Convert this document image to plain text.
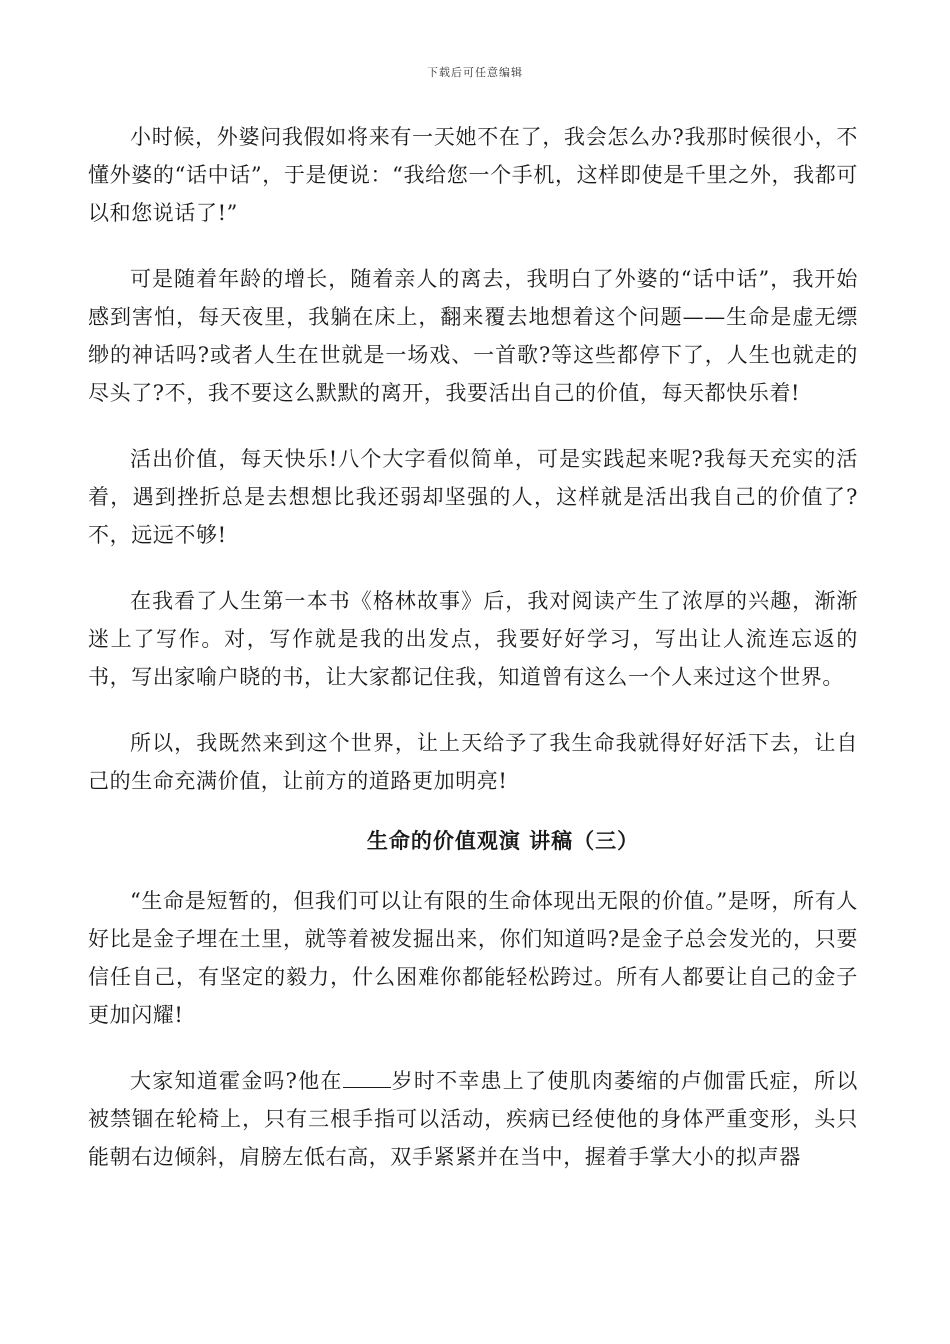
下载后可任意编辑

小时候，外婆问我假如将来有一天她不在了，我会怎么办?我那时候很小，不懂外婆的“话中话”，于是便说：“我给您一个手机，这样即使是千里之外，我都可以和您说话了!”

可是随着年龄的增长，随着亲人的离去，我明白了外婆的“话中话”，我开始感到害怕，每天夜里，我躺在床上，翻来覆去地想着这个问题——生命是虚无缥缈的神话吗?或者人生在世就是一场戏、一首歌?等这些都停下了，人生也就走的尽头了?不，我不要这么默默的离开，我要活出自己的价值，每天都快乐着!

活出价值，每天快乐!八个大字看似简单，可是实践起来呢?我每天充实的活着，遇到挫折总是去想想比我还弱却坚强的人，这样就是活出我自己的价值了?不，远远不够!

在我看了人生第一本书《格林故事》后，我对阅读产生了浓厚的兴趣，渐渐迷上了写作。对，写作就是我的出发点，我要好好学习，写出让人流连忘返的书，写出家喻户晓的书，让大家都记住我，知道曾有这么一个人来过这个世界。

所以，我既然来到这个世界，让上天给予了我生命我就得好好活下去，让自己的生命充满价值，让前方的道路更加明亮!

生命的价值观演 讲稿（三）

“生命是短暂的，但我们可以让有限的生命体现出无限的价值。”是呀，所有人好比是金子埋在土里，就等着被发掘出来，你们知道吗?是金子总会发光的，只要信任自己，有坚定的毅力，什么困难你都能轻松跨过。所有人都要让自己的金子更加闪耀!

大家知道霍金吗?他在 岁时不幸患上了使肌肉萎缩的卢伽雷氏症，所以被禁锢在轮椅上，只有三根手指可以活动，疾病已经使他的身体严重变形，头只能朝右边倾斜，肩膀左低右高，双手紧紧并在当中，握着手掌大小的拟声器
